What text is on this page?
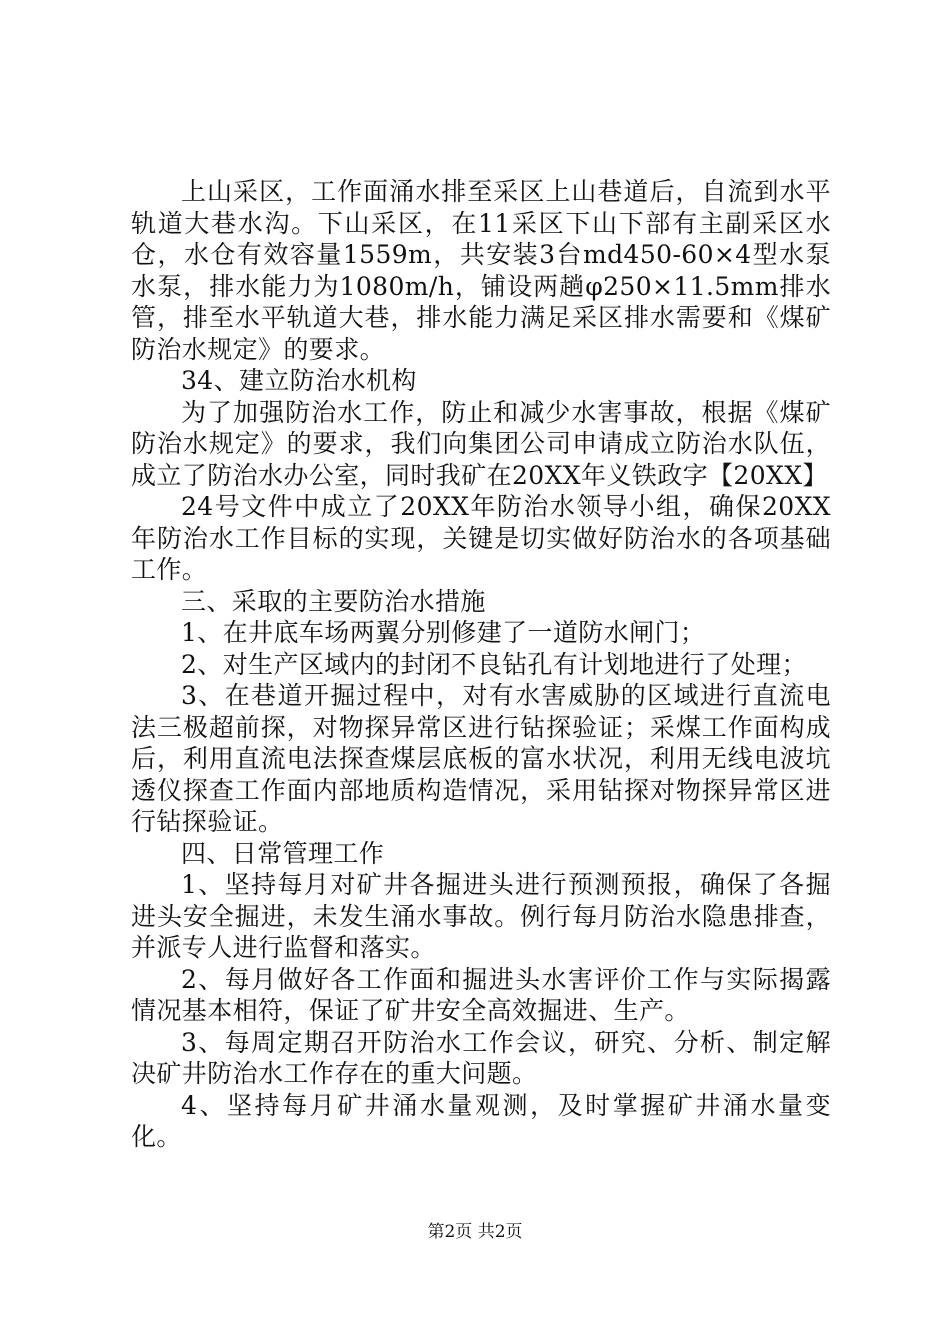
上山采区，工作面涌水排至采区上山巷道后，自流到水平轨道大巷水沟。下山采区，在11采区下山下部有主副采区水仓，水仓有效容量1559m，共安装3台md450-60×4型水泵水泵，排水能力为1080m/h，铺设两趟φ250×11.5mm排水管，排至水平轨道大巷，排水能力满足采区排水需要和《煤矿防治水规定》的要求。

34、建立防治水机构

为了加强防治水工作，防止和减少水害事故，根据《煤矿防治水规定》的要求，我们向集团公司申请成立防治水队伍，成立了防治水办公室，同时我矿在20XX年义铁政字【20XX】

24号文件中成立了20XX年防治水领导小组，确保20XX年防治水工作目标的实现，关键是切实做好防治水的各项基础工作。

三、采取的主要防治水措施

1、在井底车场两翼分别修建了一道防水闸门；

2、对生产区域内的封闭不良钻孔有计划地进行了处理；

3、在巷道开掘过程中，对有水害威胁的区域进行直流电法三极超前探，对物探异常区进行钻探验证；采煤工作面构成后，利用直流电法探查煤层底板的富水状况，利用无线电波坑透仪探查工作面内部地质构造情况，采用钻探对物探异常区进行钻探验证。

四、日常管理工作

1、坚持每月对矿井各掘进头进行预测预报，确保了各掘进头安全掘进，未发生涌水事故。例行每月防治水隐患排查，并派专人进行监督和落实。

2、每月做好各工作面和掘进头水害评价工作与实际揭露情况基本相符，保证了矿井安全高效掘进、生产。

3、每周定期召开防治水工作会议，研究、分析、制定解决矿井防治水工作存在的重大问题。

4、坚持每月矿井涌水量观测，及时掌握矿井涌水量变化。

第2页 共2页
